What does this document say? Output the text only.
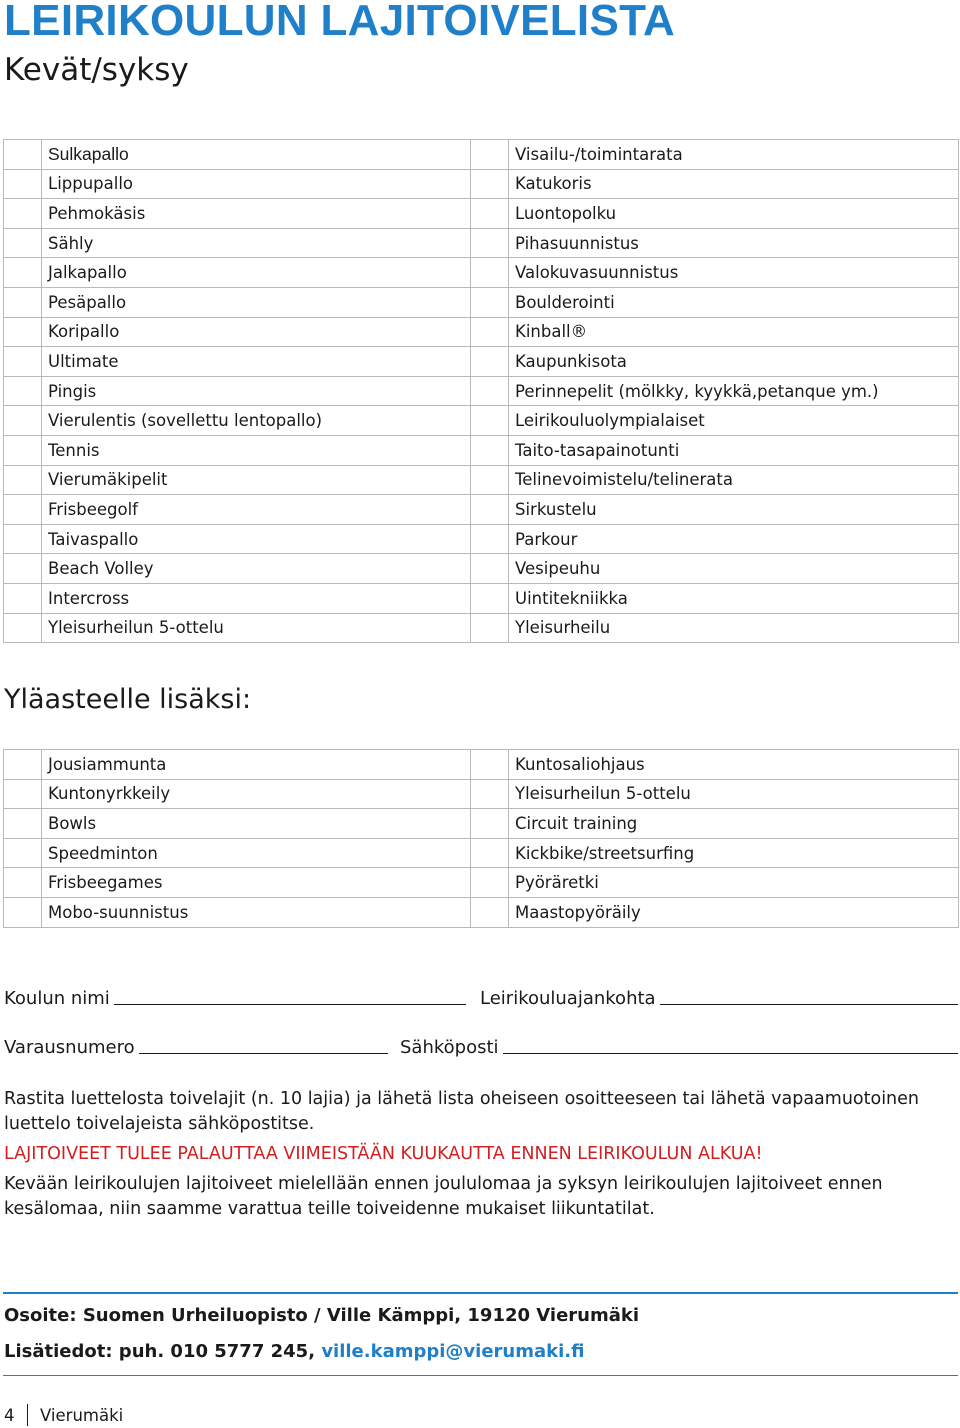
LEIRIKOULUN LAJITOIVELISTA
Kevät/syksy
	Sulkapallo		Visailu-/toimintarata
	Lippupallo		Katukoris
	Pehmokäsis		Luontopolku
	Sähly		Pihasuunnistus
	Jalkapallo		Valokuvasuunnistus
	Pesäpallo		Boulderointi
	Koripallo		Kinball®
	Ultimate		Kaupunkisota
	Pingis		Perinnepelit (mölkky, kyykkä,petanque ym.)
	Vierulentis (sovellettu lentopallo)		Leirikouluolympialaiset
	Tennis		Taito-tasapainotunti
	Vierumäkipelit		Telinevoimistelu/telinerata
	Frisbeegolf		Sirkustelu
	Taivaspallo		Parkour
	Beach Volley		Vesipeuhu
	Intercross		Uintitekniikka
	Yleisurheilun 5-ottelu		Yleisurheilu
Yläasteelle lisäksi:
	Jousiammunta		Kuntosaliohjaus
	Kuntonyrkkeily		Yleisurheilun 5-ottelu
	Bowls		Circuit training
	Speedminton		Kickbike/streetsurfing
	Frisbeegames		Pyöräretki
	Mobo-suunnistus		Maastopyöräily
Koulun nimi	Leirikouluajankohta
Varausnumero	Sähköposti

Rastita luettelosta toivelajit (n. 10 lajia) ja lähetä lista oheiseen osoitteeseen tai lähetä vapaamuotoinen luettelo toivelajeista sähköpostitse.

LAJITOIVEET TULEE PALAUTTAA VIIMEISTÄÄN KUUKAUTTA ENNEN LEIRIKOULUN ALKUA!

Kevään leirikoulujen lajitoiveet mielellään ennen joululomaa ja syksyn leirikoulujen lajitoiveet ennen kesälomaa, niin saamme varattua teille toiveidenne mukaiset liikuntatilat.

Osoite: Suomen Urheiluopisto / Ville Kämppi, 19120 Vierumäki
Lisätiedot: puh. 010 5777 245, ville.kamppi@vierumaki.fi
4 Vierumäki
